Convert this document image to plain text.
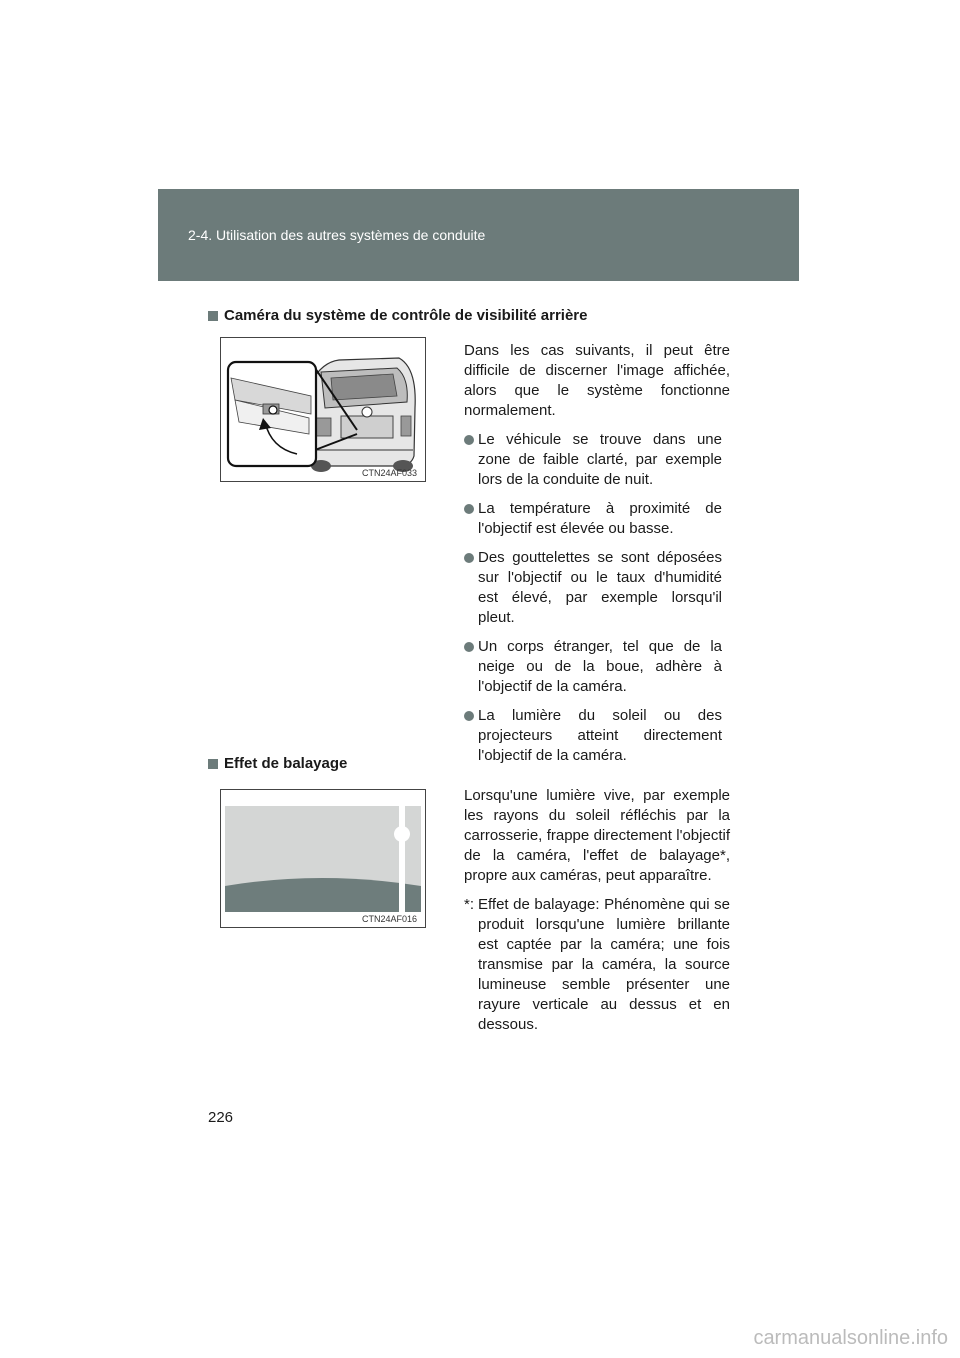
2-4. Utilisation des autres systèmes de conduite
Caméra du système de contrôle de visibilité arrière
CTN24AF033

Dans les cas suivants, il peut être difficile de discerner l'image affichée, alors que le système fonctionne normalement.

Le véhicule se trouve dans une zone de faible clarté, par exemple lors de la conduite de nuit.
La température à proximité de l'objectif est élevée ou basse.
Des gouttelettes se sont déposées sur l'objectif ou le taux d'humidité est élevé, par exemple lorsqu'il pleut.
Un corps étranger, tel que de la neige ou de la boue, adhère à l'objectif de la caméra.
La lumière du soleil ou des projecteurs atteint directement l'objectif de la caméra.
Effet de balayage
CTN24AF016

Lorsqu'une lumière vive, par exemple les rayons du soleil réfléchis par la carrosserie, frappe directement l'objectif de la caméra, l'effet de balayage*, propre aux caméras, peut apparaître.

*: Effet de balayage: Phénomène qui se produit lorsqu'une lumière brillante est captée par la caméra; une fois transmise par la caméra, la source lumineuse semble présenter une rayure verticale au dessus et en dessous.

226
carmanualsonline.info
